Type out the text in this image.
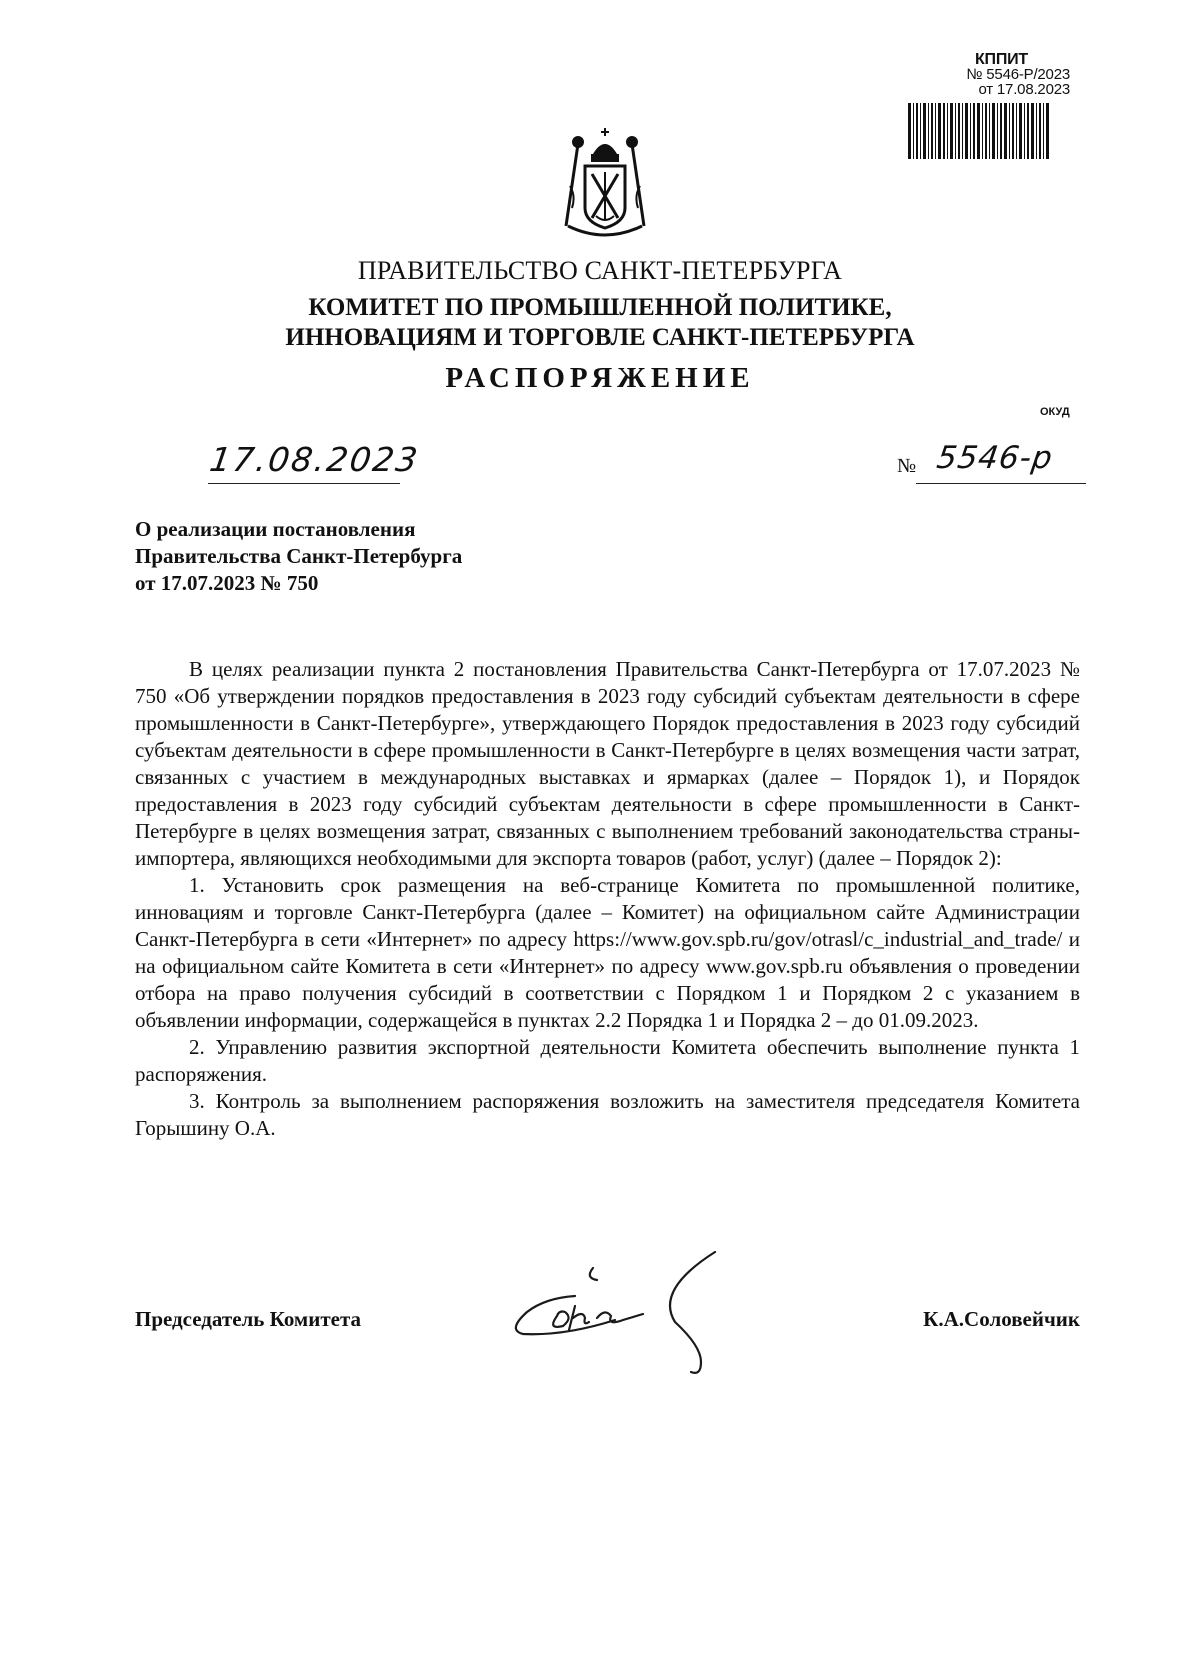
КППИТ
№ 5546-Р/2023
от 17.08.2023
ПРАВИТЕЛЬСТВО САНКТ-ПЕТЕРБУРГА
КОМИТЕТ ПО ПРОМЫШЛЕННОЙ ПОЛИТИКЕ,
ИННОВАЦИЯМ И ТОРГОВЛЕ САНКТ-ПЕТЕРБУРГА
РАСПОРЯЖЕНИЕ
ОКУД
17.08.2023	№ 5546-р
О реализации постановления
Правительства Санкт-Петербурга
от 17.07.2023 № 750

В целях реализации пункта 2 постановления Правительства Санкт-Петербурга от 17.07.2023 № 750 «Об утверждении порядков предоставления в 2023 году субсидий субъектам деятельности в сфере промышленности в Санкт-Петербурге», утверждающего Порядок предоставления в 2023 году субсидий субъектам деятельности в сфере промышленности в Санкт-Петербурге в целях возмещения части затрат, связанных с участием в международных выставках и ярмарках (далее – Порядок 1), и Порядок предоставления в 2023 году субсидий субъектам деятельности в сфере промышленности в Санкт-Петербурге в целях возмещения затрат, связанных с выполнением требований законодательства страны-импортера, являющихся необходимыми для экспорта товаров (работ, услуг) (далее – Порядок 2):

1. Установить срок размещения на веб-странице Комитета по промышленной политике, инновациям и торговле Санкт-Петербурга (далее – Комитет) на официальном сайте Администрации Санкт-Петербурга в сети «Интернет» по адресу https://www.gov.spb.ru/gov/otrasl/c_industrial_and_trade/ и на официальном сайте Комитета в сети «Интернет» по адресу www.gov.spb.ru объявления о проведении отбора на право получения субсидий в соответствии с Порядком 1 и Порядком 2 с указанием в объявлении информации, содержащейся в пунктах 2.2 Порядка 1 и Порядка 2 – до 01.09.2023.

2. Управлению развития экспортной деятельности Комитета обеспечить выполнение пункта 1 распоряжения.

3. Контроль за выполнением распоряжения возложить на заместителя председателя Комитета Горышину О.А.

Председатель Комитета	К.А.Соловейчик
